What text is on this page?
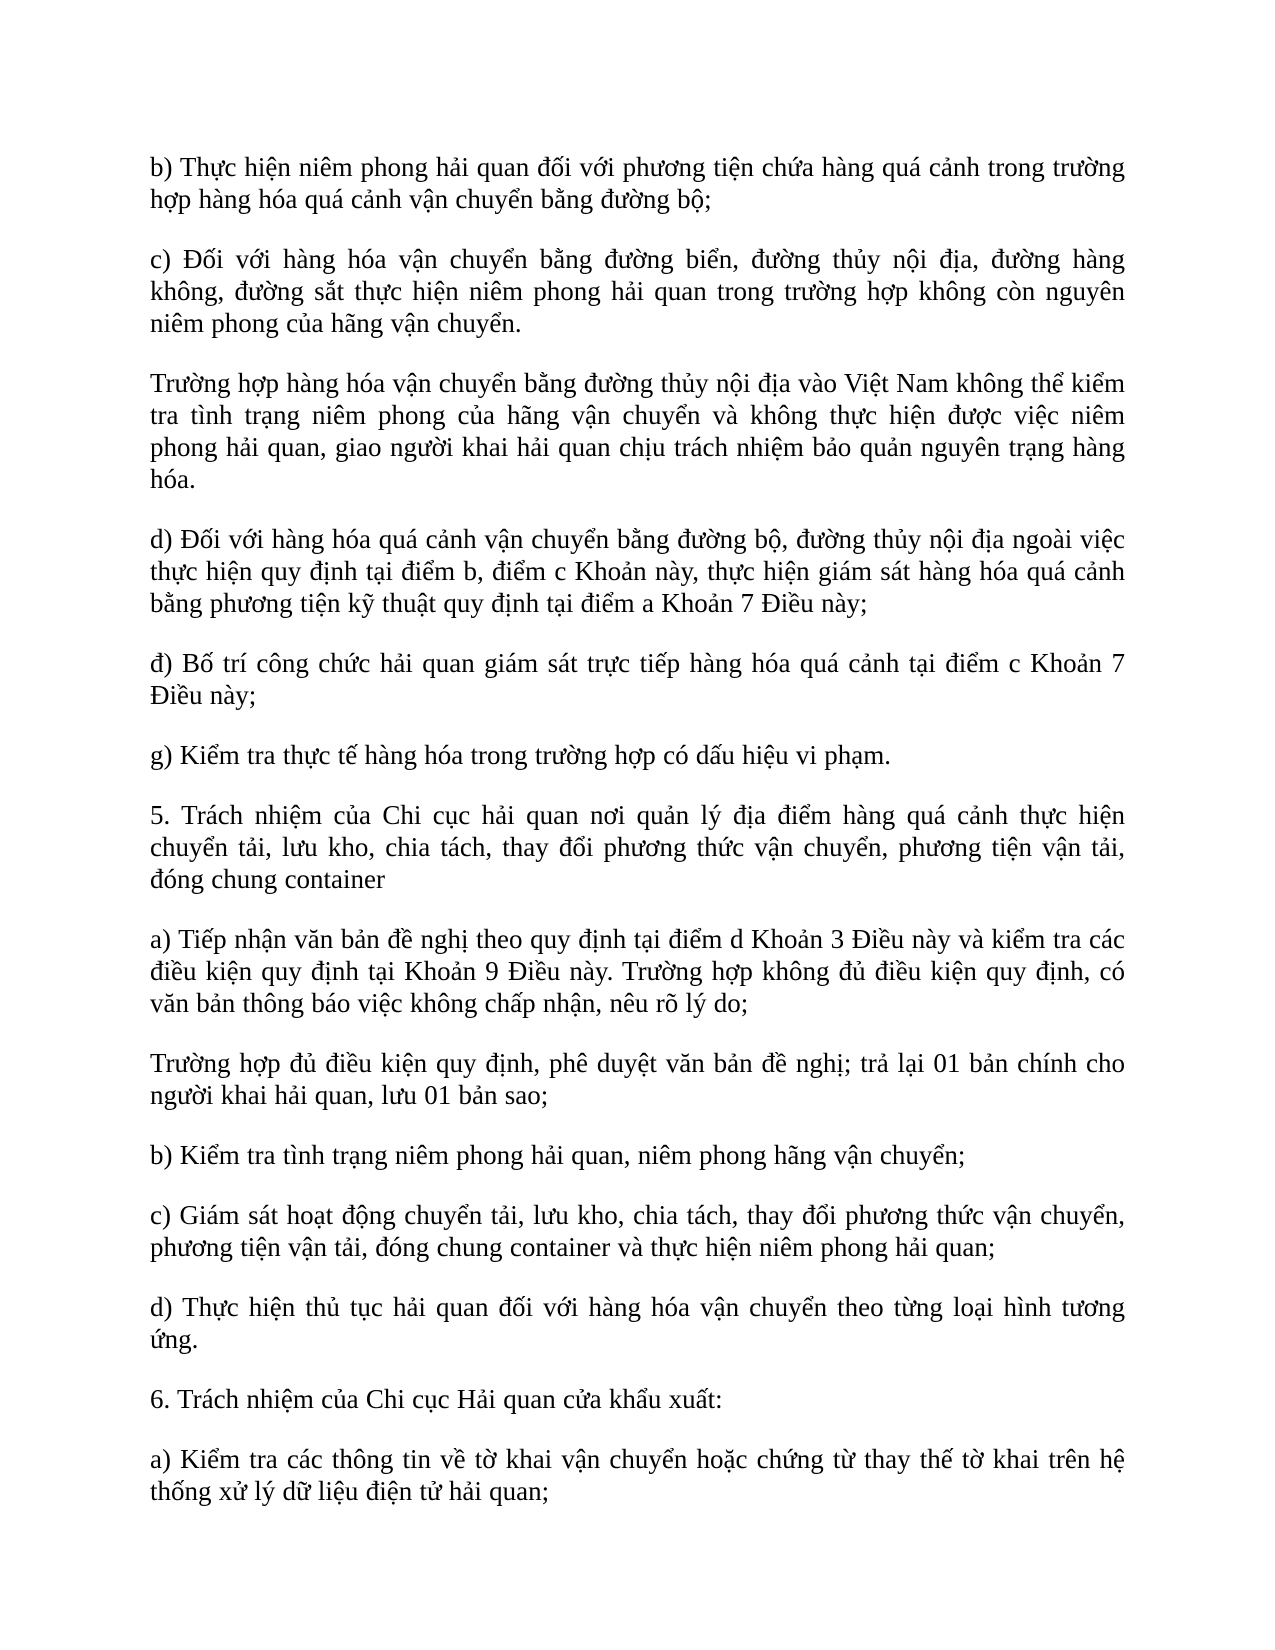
b) Thực hiện niêm phong hải quan đối với phương tiện chứa hàng quá cảnh trong trường hợp hàng hóa quá cảnh vận chuyển bằng đường bộ;

c) Đối với hàng hóa vận chuyển bằng đường biển, đường thủy nội địa, đường hàng không, đường sắt thực hiện niêm phong hải quan trong trường hợp không còn nguyên niêm phong của hãng vận chuyển.

Trường hợp hàng hóa vận chuyển bằng đường thủy nội địa vào Việt Nam không thể kiểm tra tình trạng niêm phong của hãng vận chuyển và không thực hiện được việc niêm phong hải quan, giao người khai hải quan chịu trách nhiệm bảo quản nguyên trạng hàng hóa.

d) Đối với hàng hóa quá cảnh vận chuyển bằng đường bộ, đường thủy nội địa ngoài việc thực hiện quy định tại điểm b, điểm c Khoản này, thực hiện giám sát hàng hóa quá cảnh bằng phương tiện kỹ thuật quy định tại điểm a Khoản 7 Điều này;

đ) Bố trí công chức hải quan giám sát trực tiếp hàng hóa quá cảnh tại điểm c Khoản 7 Điều này;

g) Kiểm tra thực tế hàng hóa trong trường hợp có dấu hiệu vi phạm.

5. Trách nhiệm của Chi cục hải quan nơi quản lý địa điểm hàng quá cảnh thực hiện chuyển tải, lưu kho, chia tách, thay đổi phương thức vận chuyển, phương tiện vận tải, đóng chung container

a) Tiếp nhận văn bản đề nghị theo quy định tại điểm d Khoản 3 Điều này và kiểm tra các điều kiện quy định tại Khoản 9 Điều này. Trường hợp không đủ điều kiện quy định, có văn bản thông báo việc không chấp nhận, nêu rõ lý do;

Trường hợp đủ điều kiện quy định, phê duyệt văn bản đề nghị; trả lại 01 bản chính cho người khai hải quan, lưu 01 bản sao;

b) Kiểm tra tình trạng niêm phong hải quan, niêm phong hãng vận chuyển;

c) Giám sát hoạt động chuyển tải, lưu kho, chia tách, thay đổi phương thức vận chuyển, phương tiện vận tải, đóng chung container và thực hiện niêm phong hải quan;

d) Thực hiện thủ tục hải quan đối với hàng hóa vận chuyển theo từng loại hình tương ứng.

6. Trách nhiệm của Chi cục Hải quan cửa khẩu xuất:

a) Kiểm tra các thông tin về tờ khai vận chuyển hoặc chứng từ thay thế tờ khai trên hệ thống xử lý dữ liệu điện tử hải quan;
